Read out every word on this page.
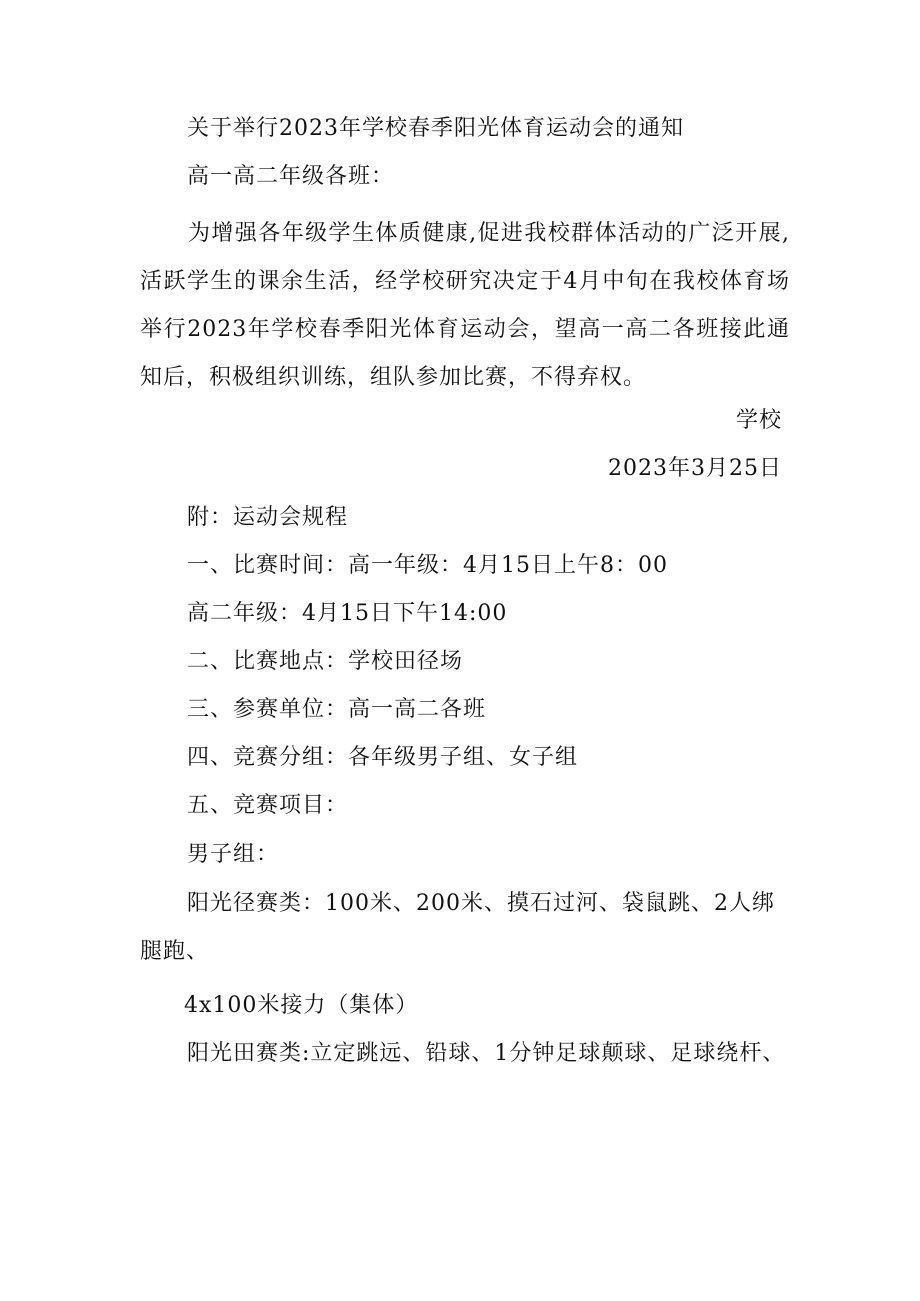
关于举行2023年学校春季阳光体育运动会的通知
高一高二年级各班：
为增强各年级学生体质健康,促进我校群体活动的广泛开展,活跃学生的课余生活，经学校研究决定于4月中旬在我校体育场举行2023年学校春季阳光体育运动会，望高一高二各班接此通知后，积极组织训练，组队参加比赛，不得弃权。
学校
2023年3月25日
附：运动会规程
一、比赛时间：高一年级：4月15日上午8：00
高二年级：4月15日下午14:00
二、比赛地点：学校田径场
三、参赛单位：高一高二各班
四、竞赛分组：各年级男子组、女子组
五、竞赛项目：
男子组：
阳光径赛类：100米、200米、摸石过河、袋鼠跳、2人绑
腿跑、
4x100米接力（集体）
阳光田赛类:立定跳远、铅球、1分钟足球颠球、足球绕杆、
